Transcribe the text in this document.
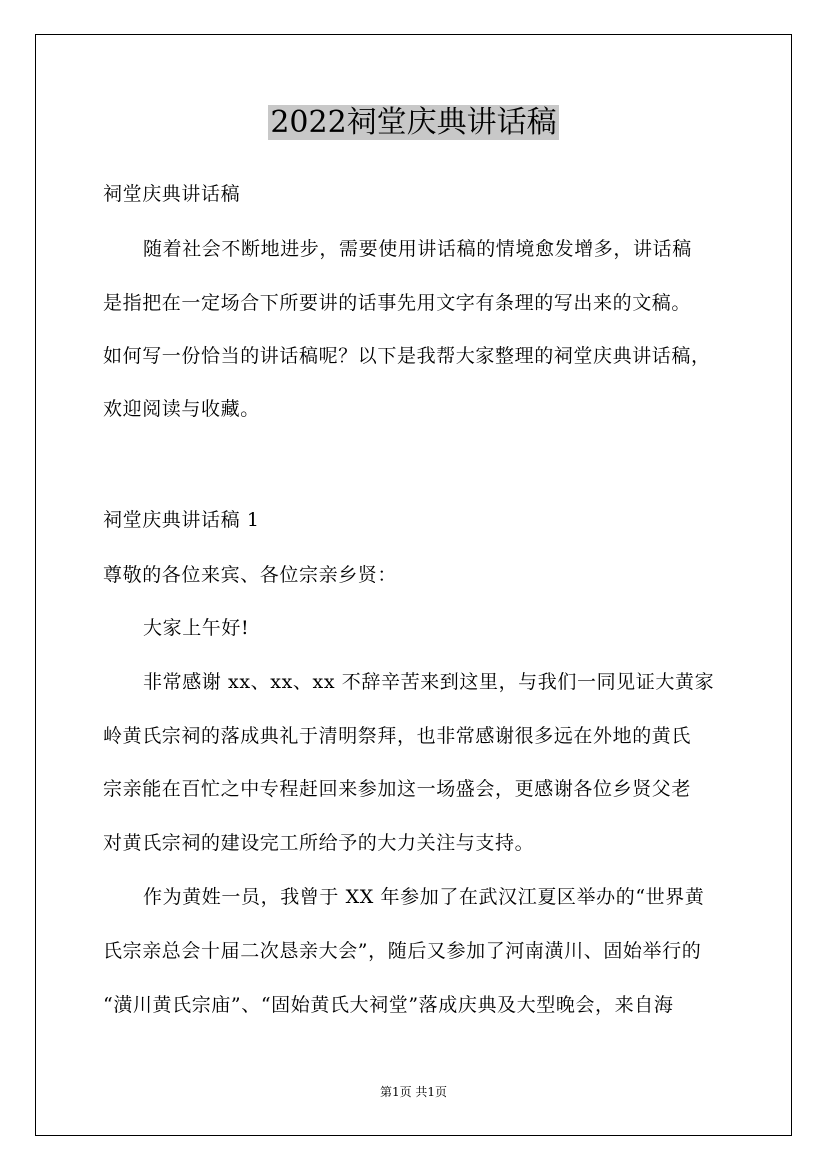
2022祠堂庆典讲话稿
祠堂庆典讲话稿
随着社会不断地进步，需要使用讲话稿的情境愈发增多，讲话稿
是指把在一定场合下所要讲的话事先用文字有条理的写出来的文稿。
如何写一份恰当的讲话稿呢？以下是我帮大家整理的祠堂庆典讲话稿，
欢迎阅读与收藏。
祠堂庆典讲话稿 1
尊敬的各位来宾、各位宗亲乡贤：
大家上午好!
非常感谢 xx、xx、xx 不辞辛苦来到这里，与我们一同见证大黄家
岭黄氏宗祠的落成典礼于清明祭拜，也非常感谢很多远在外地的黄氏
宗亲能在百忙之中专程赶回来参加这一场盛会，更感谢各位乡贤父老
对黄氏宗祠的建设完工所给予的大力关注与支持。
作为黄姓一员，我曾于 XX 年参加了在武汉江夏区举办的“世界黄
氏宗亲总会十届二次恳亲大会”，随后又参加了河南潢川、固始举行的
“潢川黄氏宗庙”、“固始黄氏大祠堂”落成庆典及大型晚会，来自海
第1页 共1页
